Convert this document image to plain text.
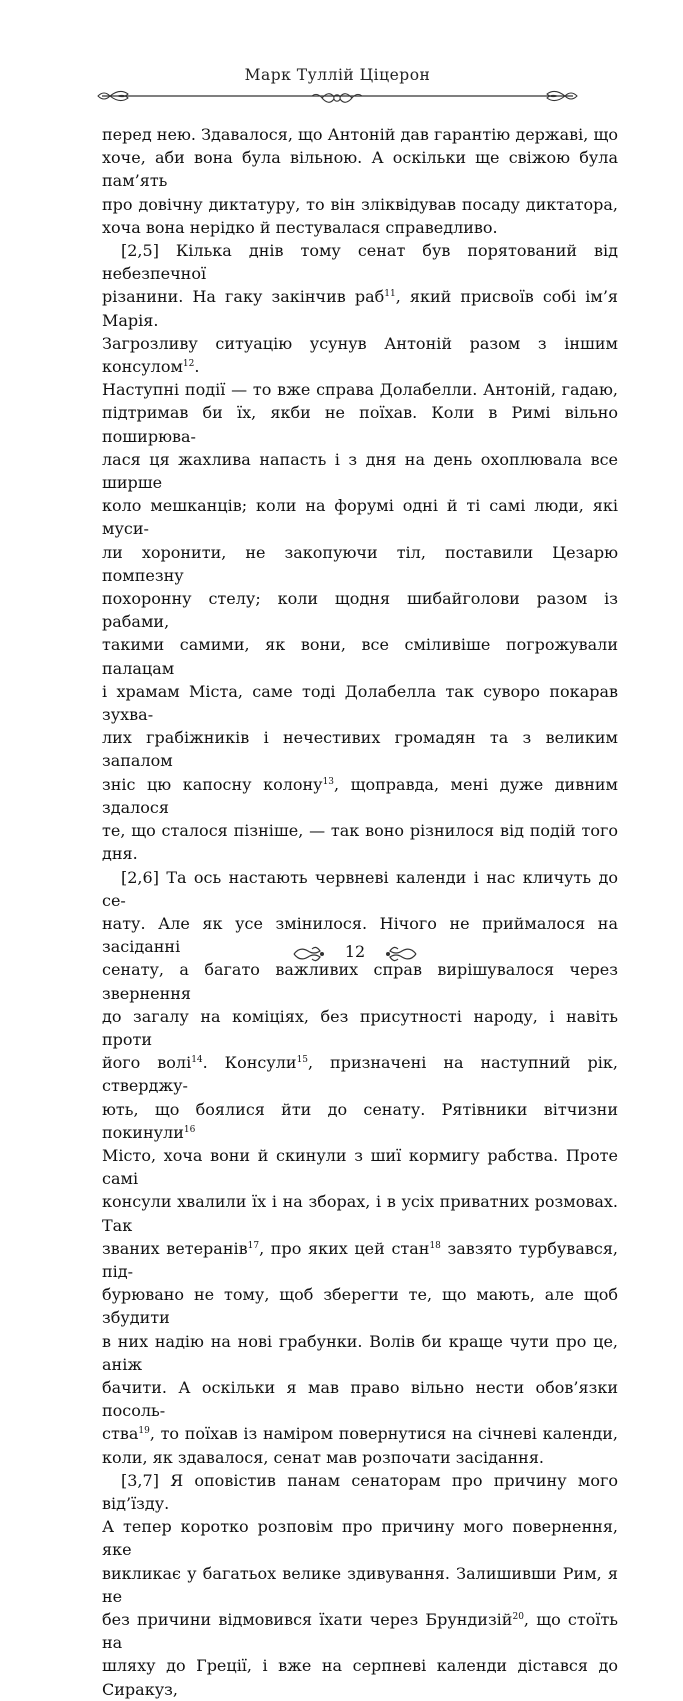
Марк Туллій Ціцерон
перед нею. Здавалося, що Антоній дав гарантію державі, що
хоче, аби вона була вільною. А оскільки ще свіжою була пам’ять
про довічну диктатуру, то він зліквідував посаду диктатора,
хоча вона нерідко й пестувалася справедливо.
[2,5] Кілька днів тому сенат був порятований від небезпечної
різанини. На гаку закінчив раб$^{11}$, який присвоїв собі ім’я Марія.
Загрозливу ситуацію усунув Антоній разом з іншим консулом$^{12}$.
Наступні події — то вже справа Долабелли. Антоній, гадаю,
підтримав би їх, якби не поїхав. Коли в Римі вільно поширюва-
лася ця жахлива напасть і з дня на день охоплювала все ширше
коло мешканців; коли на форумі одні й ті самі люди, які муси-
ли хоронити, не закопуючи тіл, поставили Цезарю помпезну
похоронну стелу; коли щодня шибайголови разом із рабами,
такими самими, як вони, все сміливіше погрожували палацам
і храмам Міста, саме тоді Долабелла так суворо покарав зухва-
лих грабіжників і нечестивих громадян та з великим запалом
зніс цю капосну колону$^{13}$, щоправда, мені дуже дивним здалося
те, що сталося пізніше, — так воно різнилося від подій того дня.
[2,6] Та ось настають червневі календи і нас кличуть до се-
нату. Але як усе змінилося. Нічого не приймалося на засіданні
сенату, а багато важливих справ вирішувалося через звернення
до загалу на коміціях, без присутності народу, і навіть проти
його волі$^{14}$. Консули$^{15}$, призначені на наступний рік, стверджу-
ють, що боялися йти до сенату. Рятівники вітчизни покинули$^{16}$
Місто, хоча вони й скинули з шиї кормигу рабства. Проте самі
консули хвалили їх і на зборах, і в усіх приватних розмовах. Так
званих ветеранів$^{17}$, про яких цей стан$^{18}$ завзято турбувався, під-
бурювано не тому, щоб зберегти те, що мають, але щоб збудити
в них надію на нові грабунки. Волів би краще чути про це, аніж
бачити. А оскільки я мав право вільно нести обов’язки посоль-
ства$^{19}$, то поїхав із наміром повернутися на січневі календи,
коли, як здавалося, сенат мав розпочати засідання.
[3,7] Я оповістив панам сенаторам про причину мого від’їзду.
А тепер коротко розповім про причину мого повернення, яке
викликає у багатьох велике здивування. Залишивши Рим, я не
без причини відмовився їхати через Брундизій$^{20}$, що стоїть на
шляху до Греції, і вже на серпневі календи дістався до Сиракуз,
12
